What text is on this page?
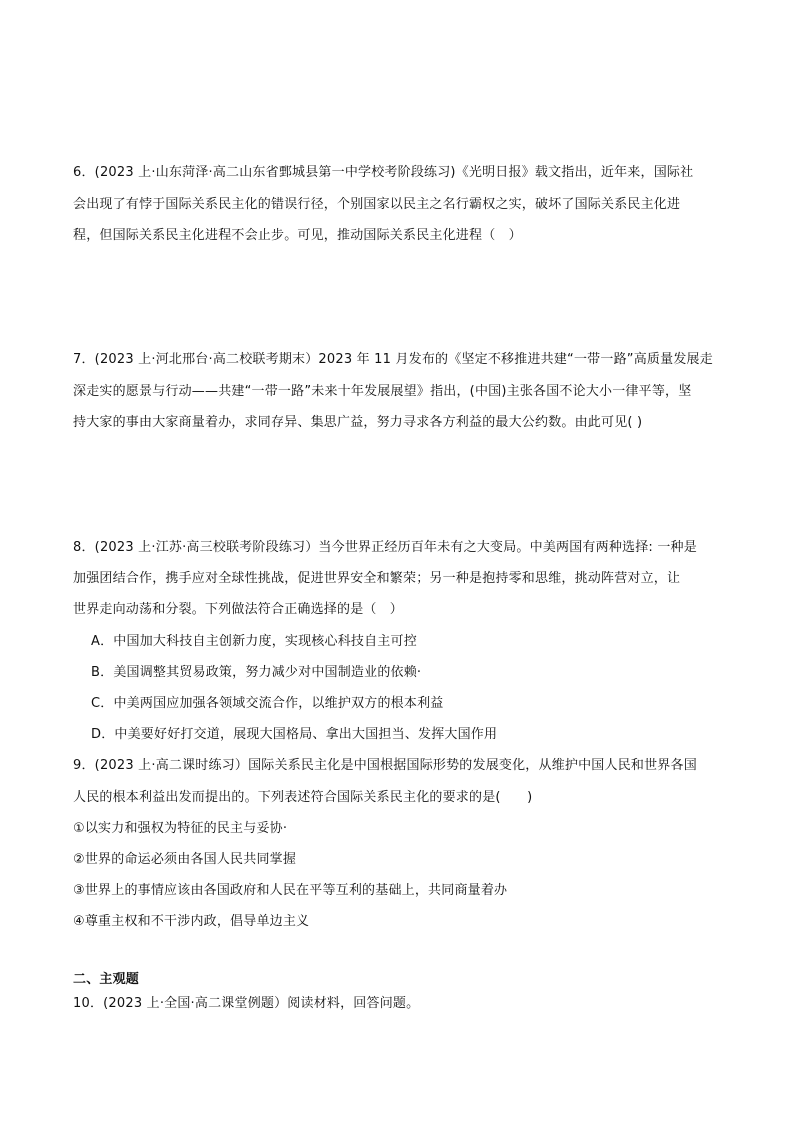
6．(2023 上·山东菏泽·高二山东省鄄城县第一中学校考阶段练习)《光明日报》载文指出，近年来，国际社
会出现了有悖于国际关系民主化的错误行径，个别国家以民主之名行霸权之实，破坏了国际关系民主化进
程，但国际关系民主化进程不会止步。可见，推动国际关系民主化进程（　）
7．(2023 上·河北邢台·高二校联考期末）2023 年 11 月发布的《坚定不移推进共建“一带一路”高质量发展走
深走实的愿景与行动——共建“一带一路”未来十年发展展望》指出，(中国)主张各国不论大小一律平等，坚
持大家的事由大家商量着办，求同存异、集思广益，努力寻求各方利益的最大公约数。由此可见( )
8．(2023 上·江苏·高三校联考阶段练习）当今世界正经历百年未有之大变局。中美两国有两种选择: 一种是
加强团结合作，携手应对全球性挑战，促进世界安全和繁荣；另一种是抱持零和思维，挑动阵营对立，让
世界走向动荡和分裂。下列做法符合正确选择的是（　）
A．中国加大科技自主创新力度，实现核心科技自主可控
B．美国调整其贸易政策，努力减少对中国制造业的依赖·
C．中美两国应加强各领域交流合作，以维护双方的根本利益
D．中美要好好打交道，展现大国格局、拿出大国担当、发挥大国作用
9．(2023 上·高二课时练习）国际关系民主化是中国根据国际形势的发展变化，从维护中国人民和世界各国
人民的根本利益出发而提出的。下列表述符合国际关系民主化的要求的是(　　)
①以实力和强权为特征的民主与妥协·
②世界的命运必须由各国人民共同掌握
③世界上的事情应该由各国政府和人民在平等互利的基础上，共同商量着办
④尊重主权和不干涉内政，倡导单边主义
二、主观题
10．(2023 上·全国·高二课堂例题）阅读材料，回答问题。
